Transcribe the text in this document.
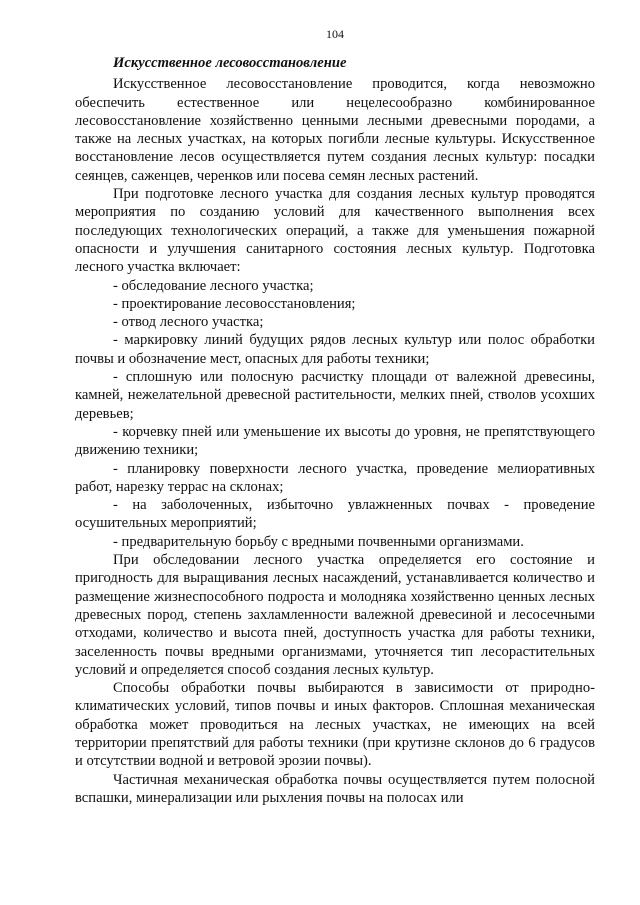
104

Искусственное лесовосстановление

Искусственное лесовосстановление проводится, когда невозможно обеспечить естественное или нецелесообразно комбинированное лесовосстановление хозяйственно ценными лесными древесными породами, а также на лесных участках, на которых погибли лесные культуры. Искусственное восстановление лесов осуществляется путем создания лесных культур: посадки сеянцев, саженцев, черенков или посева семян лесных растений.

При подготовке лесного участка для создания лесных культур проводятся мероприятия по созданию условий для качественного выполнения всех последующих технологических операций, а также для уменьшения пожарной опасности и улучшения санитарного состояния лесных культур. Подготовка лесного участка включает:

- обследование лесного участка;

- проектирование лесовосстановления;

- отвод лесного участка;

- маркировку линий будущих рядов лесных культур или полос обработки почвы и обозначение мест, опасных для работы техники;

- сплошную или полосную расчистку площади от валежной древесины, камней, нежелательной древесной растительности, мелких пней, стволов усохших деревьев;

- корчевку пней или уменьшение их высоты до уровня, не препятствующего движению техники;

- планировку поверхности лесного участка, проведение мелиоративных работ, нарезку террас на склонах;

- на заболоченных, избыточно увлажненных почвах - проведение осушительных мероприятий;

- предварительную борьбу с вредными почвенными организмами.

При обследовании лесного участка определяется его состояние и пригодность для выращивания лесных насаждений, устанавливается количество и размещение жизнеспособного подроста и молодняка хозяйственно ценных лесных древесных пород, степень захламленности валежной древесиной и лесосечными отходами, количество и высота пней, доступность участка для работы техники, заселенность почвы вредными организмами, уточняется тип лесорастительных условий и определяется способ создания лесных культур.

Способы обработки почвы выбираются в зависимости от природно-климатических условий, типов почвы и иных факторов. Сплошная механическая обработка может проводиться на лесных участках, не имеющих на всей территории препятствий для работы техники (при крутизне склонов до 6 градусов и отсутствии водной и ветровой эрозии почвы).

Частичная механическая обработка почвы осуществляется путем полосной вспашки, минерализации или рыхления почвы на полосах или
